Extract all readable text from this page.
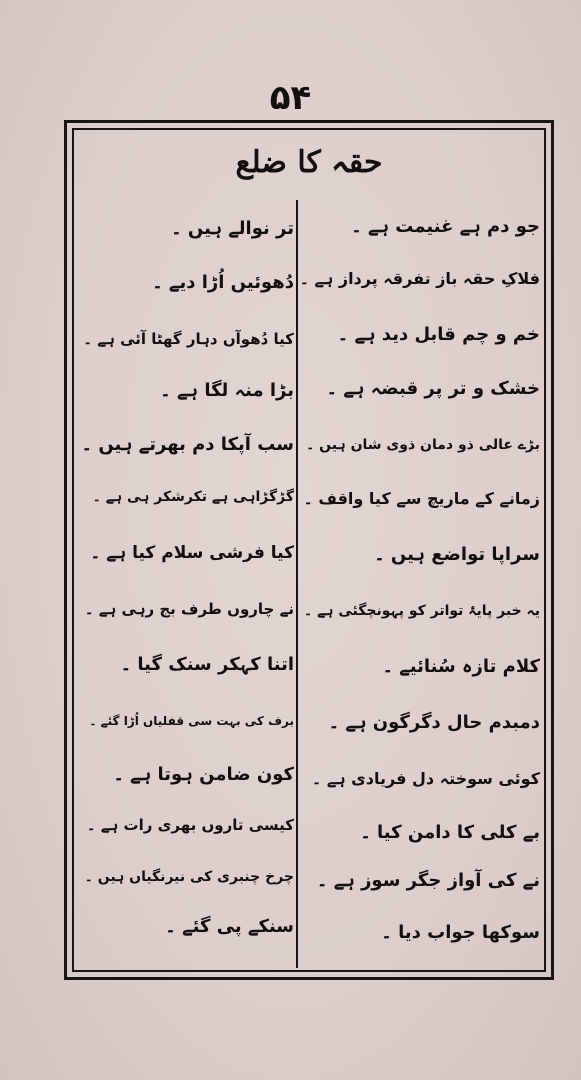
۵۴
حقہ کا ضلع
جو دم ہے غنیمت ہے ۔
فلاکِ حقہ باز تفرقہ پرداز ہے ۔
خم و چم قابل دید ہے ۔
خشک و تر پر قبضہ ہے ۔
بڑے عالی ذو دمان ذوی شان ہیں ۔
زمانے کے ماریچ سے کیا واقف ۔
سراپا تواضع ہیں ۔
یہ خبر پایۂ تواتر کو پہونچگئی ہے ۔
کلام تازہ سُنائیے ۔
دمبدم حال دگرگون ہے ۔
کوئی سوختہ دل فریادی ہے ۔
بے کلی کا دامن کیا ۔
نے کی آواز جگر سوز ہے ۔
سوکھا جواب دیا ۔
تر نوالے ہیں ۔
دُھوئیں اُڑا دیے ۔
کیا دُھوآں دہار گھٹا آئی ہے ۔
بڑا منہ لگا ہے ۔
سب آپکا دم بھرتے ہیں ۔
گڑگڑاہی ہے تکرشکر ہی ہے ۔
کیا فرشی سلام کیا ہے ۔
نے چاروں طرف بج رہی ہے ۔
اتنا کہکر سنک گیا ۔
برف کی بہت سی قفلیاں اُڑا گئے ۔
کون ضامن ہوتا ہے ۔
کیسی تاروں بھری رات ہے ۔
چرخ چنبری کی نیرنگیاں ہیں ۔
سنکے پی گئے ۔
